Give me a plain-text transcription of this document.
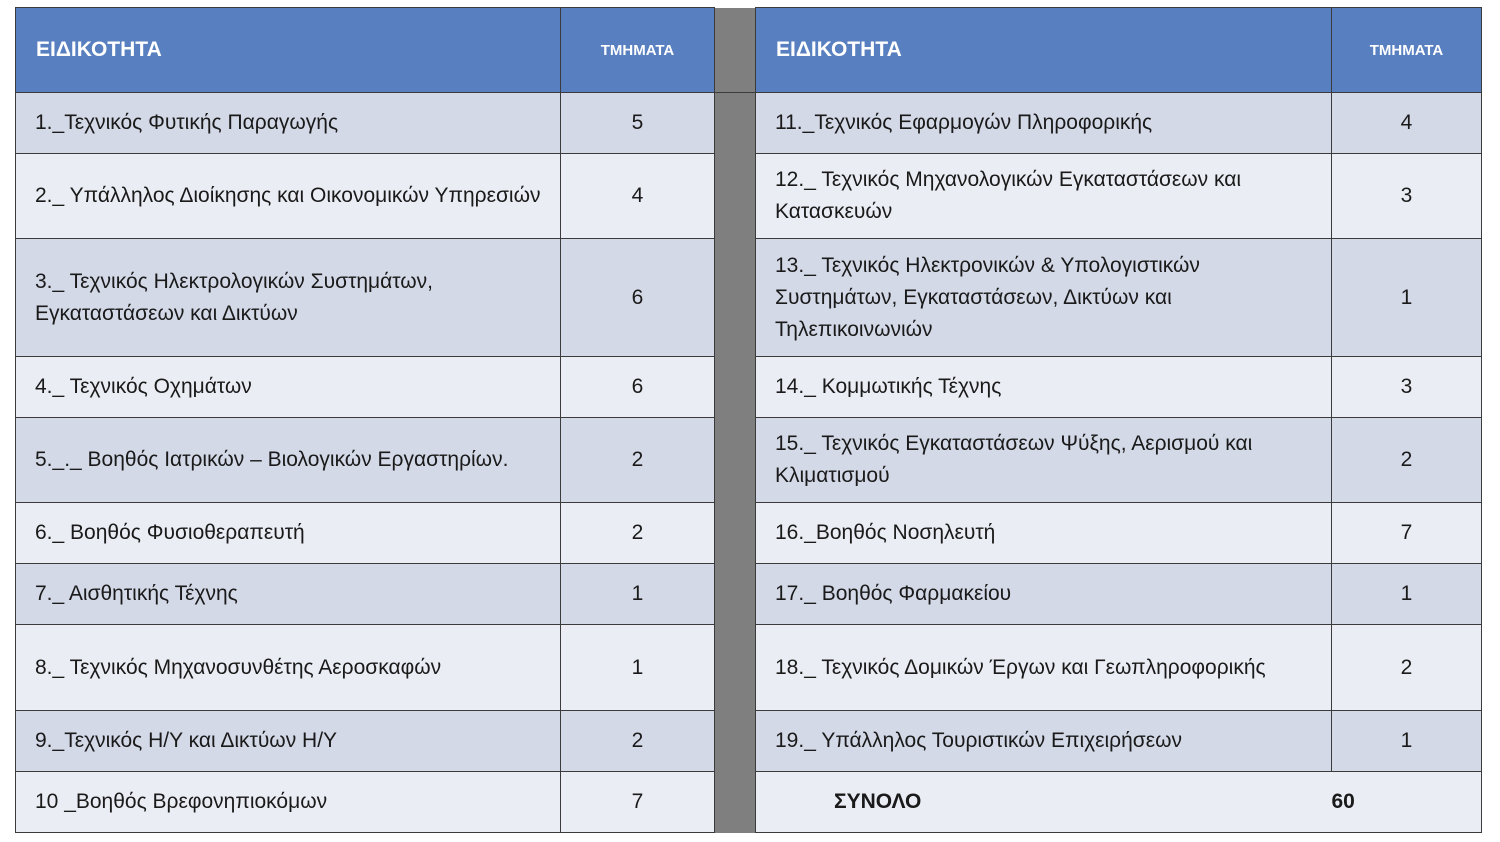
ΕΙΔΙΚΟΤΗΤΑ	ΤΜΗΜΑΤΑ		ΕΙΔΙΚΟΤΗΤΑ	ΤΜΗΜΑΤΑ
1._Τεχνικός Φυτικής Παραγωγής	5		11._Τεχνικός Εφαρμογών Πληροφορικής	4
2._ Υπάλληλος Διοίκησης και Οικονομικών Υπηρεσιών	4		12._ Τεχνικός Μηχανολογικών Εγκαταστάσεων και Κατασκευών	3
3._ Τεχνικός Ηλεκτρολογικών Συστημάτων, Εγκαταστάσεων και Δικτύων	6		13._ Τεχνικός Ηλεκτρονικών & Υπολογιστικών Συστημάτων, Εγκαταστάσεων, Δικτύων και Τηλεπικοινωνιών	1
4._ Τεχνικός Οχημάτων	6		14._ Κομμωτικής Τέχνης	3
5._._ Βοηθός Ιατρικών – Βιολογικών Εργαστηρίων.	2		15._ Τεχνικός Εγκαταστάσεων Ψύξης, Αερισμού και Κλιματισμού	2
6._ Βοηθός Φυσιοθεραπευτή	2		16._Βοηθός Νοσηλευτή	7
7._ Αισθητικής Τέχνης	1		17._ Βοηθός Φαρμακείου	1
8._ Τεχνικός Μηχανοσυνθέτης Αεροσκαφών	1		18._ Τεχνικός Δομικών Έργων και Γεωπληροφορικής	2
9._Τεχνικός Η/Υ και Δικτύων Η/Υ	2		19._ Υπάλληλος Τουριστικών Επιχειρήσεων	1
10 _Βοηθός Βρεφονηπιοκόμων	7		ΣΥΝΟΛΟ	60
